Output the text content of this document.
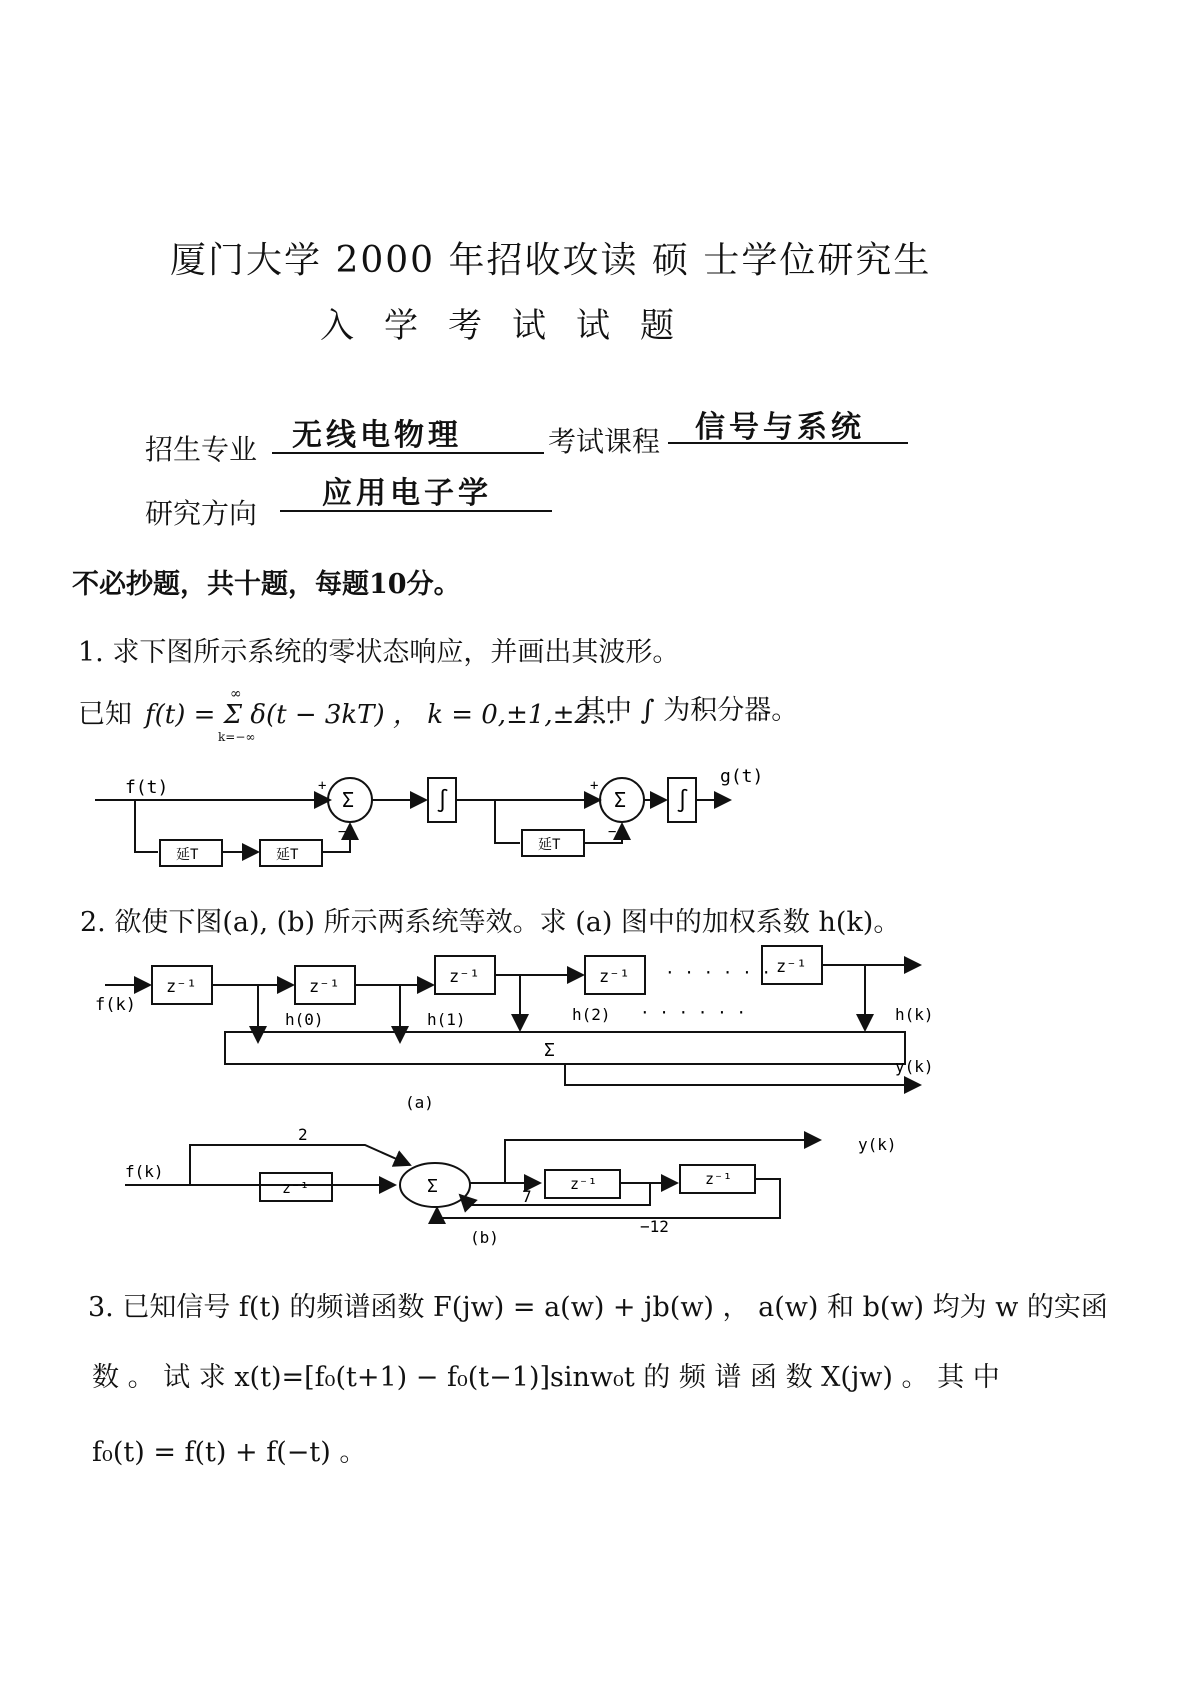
厦门大学 2000 年招收攻读 硕 士学位研究生
入学考试试题
招生专业 无线电物理	考试课程 信号与系统
研究方向
应用电子学
不必抄题，共十题，每题10分。
1. 求下图所示系统的零状态响应，并画出其波形。
已知 f(t) = Σ δ(t − 3kT) ， k = 0,±1,±2...
∞
k=−∞
其中 ∫ 为积分器。
f(t)
g(t)
Σ	Σ
∫	∫
延T	延T
延T
+
−
+
−
f(k)
z⁻¹	z⁻¹	z⁻¹	z⁻¹	z⁻¹
· · · · · ·
h(0)	h(1)	h(2) · · · · · ·	h(k)
Σ
y(k)
(a)
f(k)
2
z⁻¹	Σ	z⁻¹	z⁻¹
7
−12
y(k)
(b)
2. 欲使下图(a), (b) 所示两系统等效。求 (a) 图中的加权系数 h(k)。
3. 已知信号 f(t) 的频谱函数 F(jw) = a(w) + jb(w) ， a(w) 和 b(w) 均为 w 的实函
数 。 试 求 x(t)=[f₀(t+1) − f₀(t−1)]sinw₀t 的 频 谱 函 数 X(jw) 。 其 中
f₀(t) = f(t) + f(−t) 。
